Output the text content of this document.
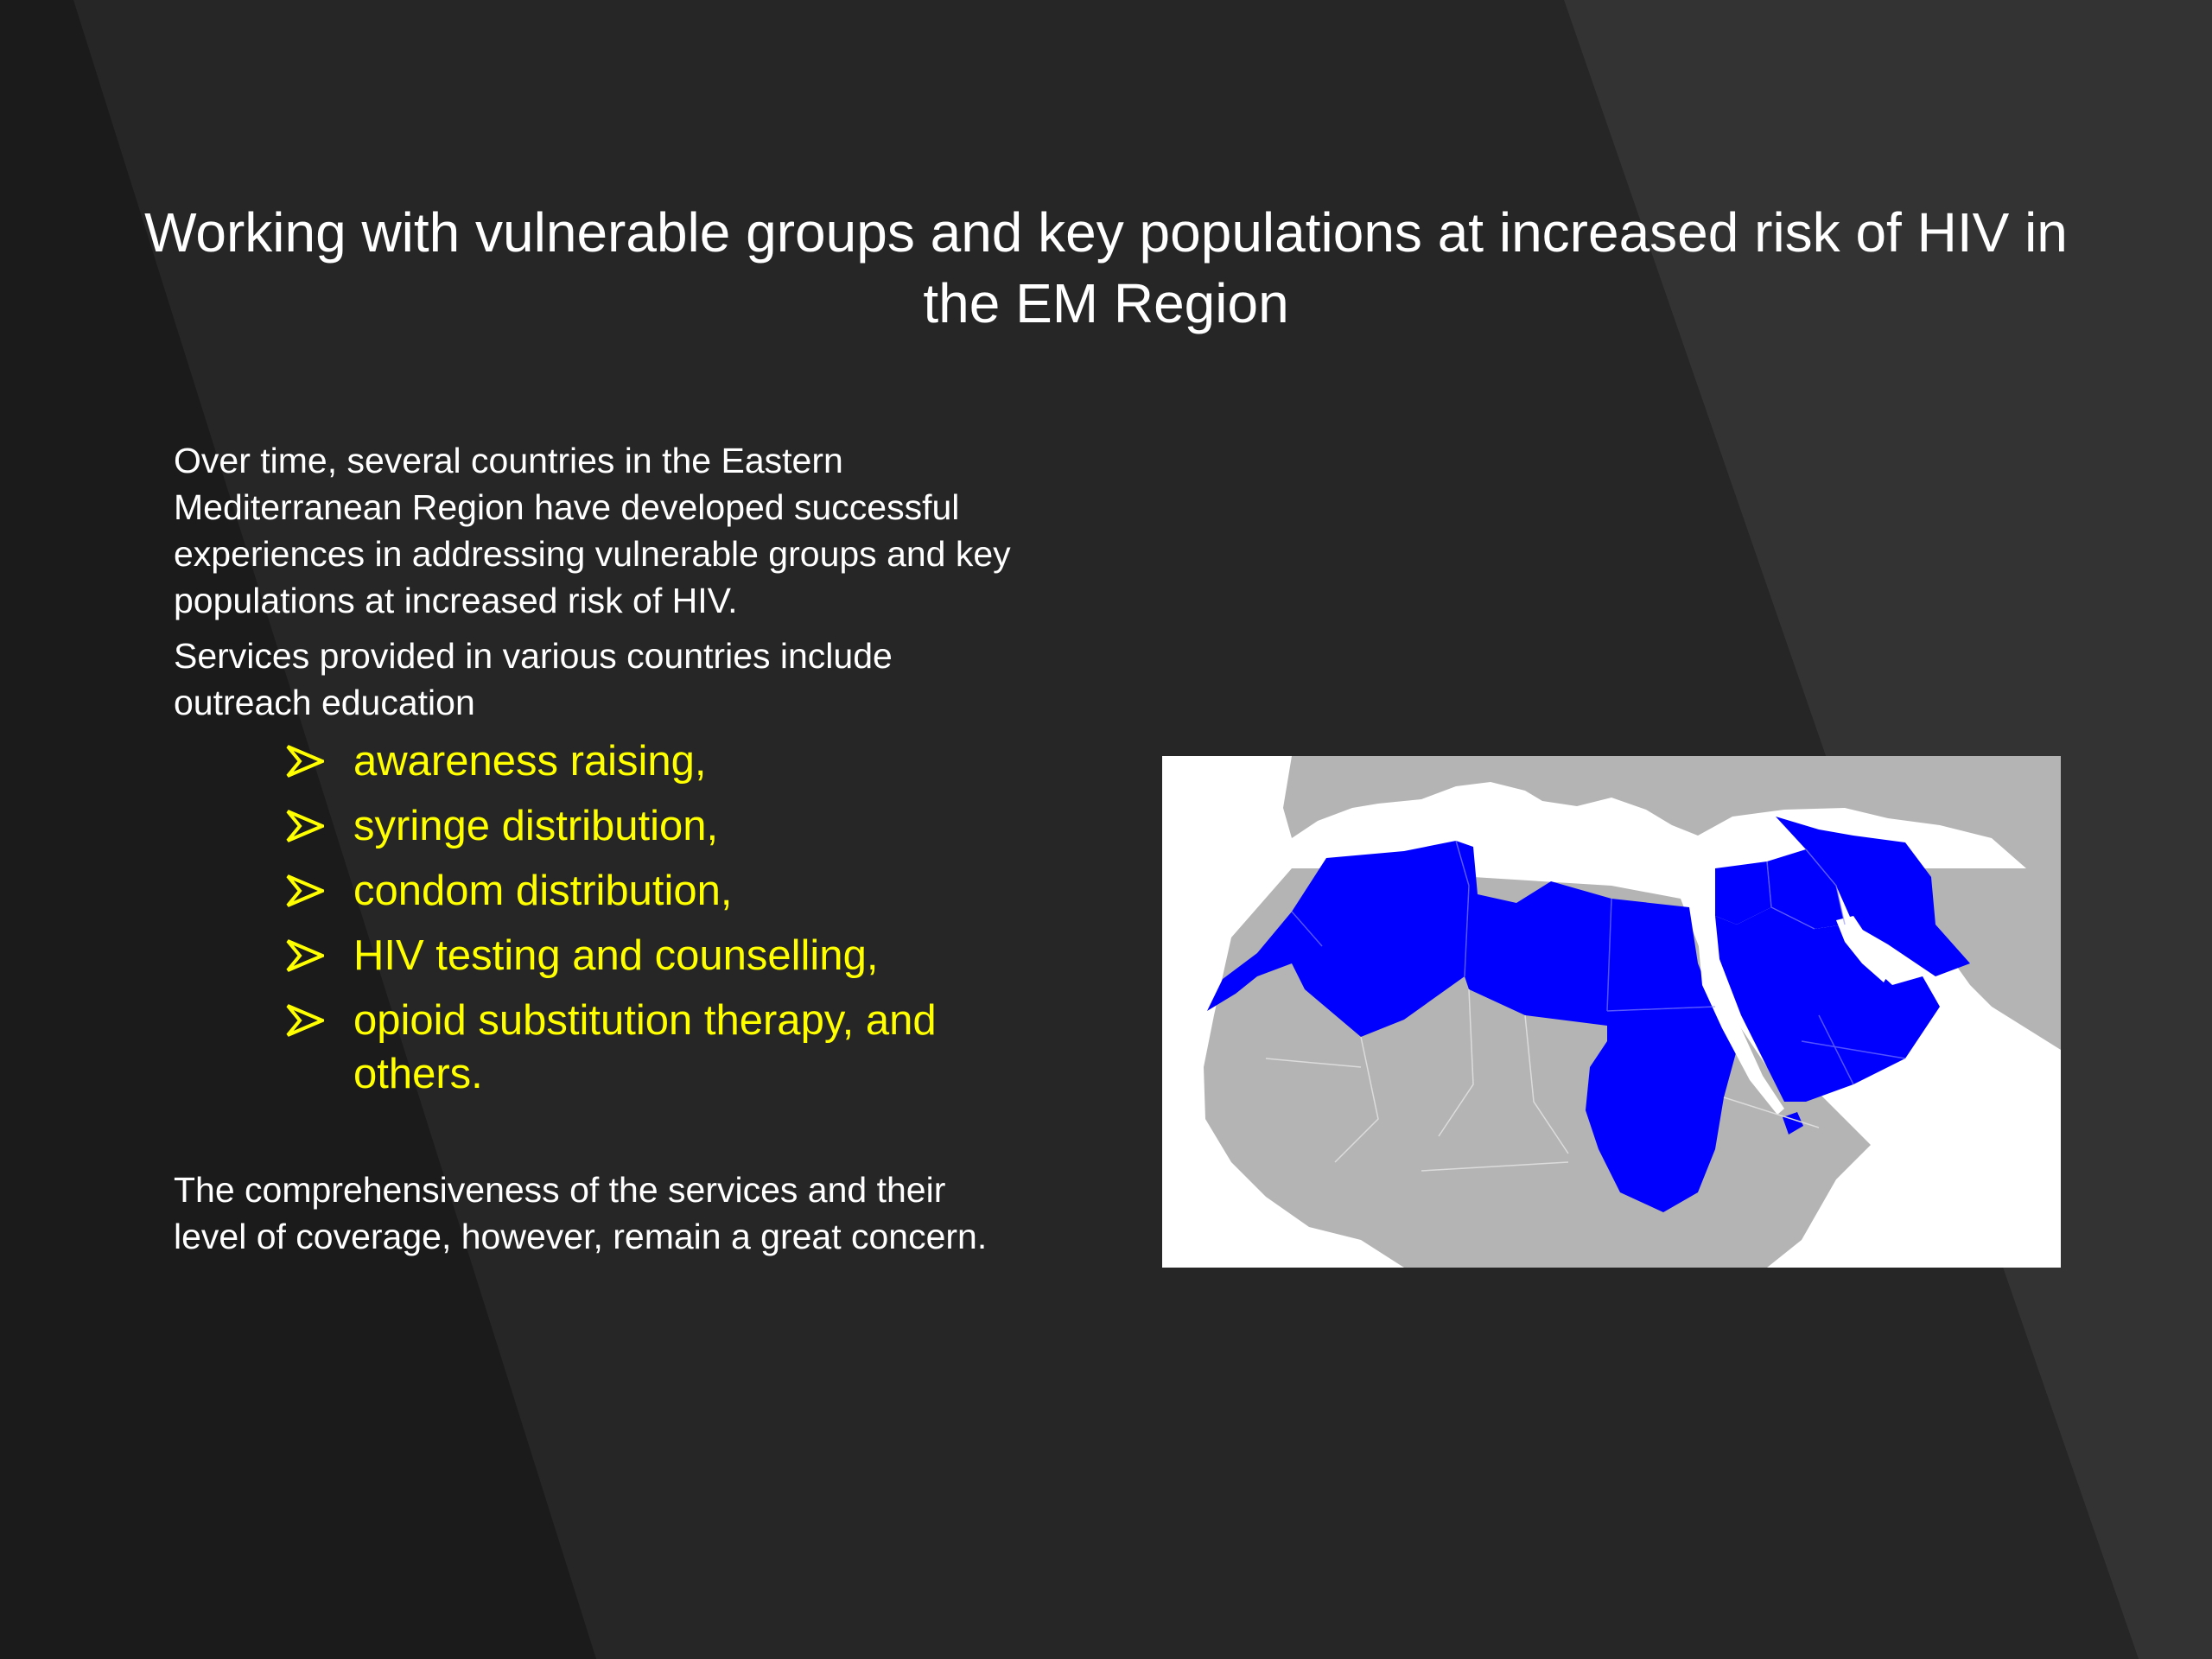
Working with vulnerable groups and key populations at increased risk of HIV in the EM Region

Over time, several countries in the Eastern Mediterranean Region have developed successful experiences in addressing vulnerable groups and key populations at increased risk of HIV.

Services provided in various countries include outreach education

awareness raising,
syringe distribution,
condom distribution,
HIV testing and counselling,
opioid substitution therapy, and others.

The comprehensiveness of the services and their level of coverage, however, remain a great concern.
